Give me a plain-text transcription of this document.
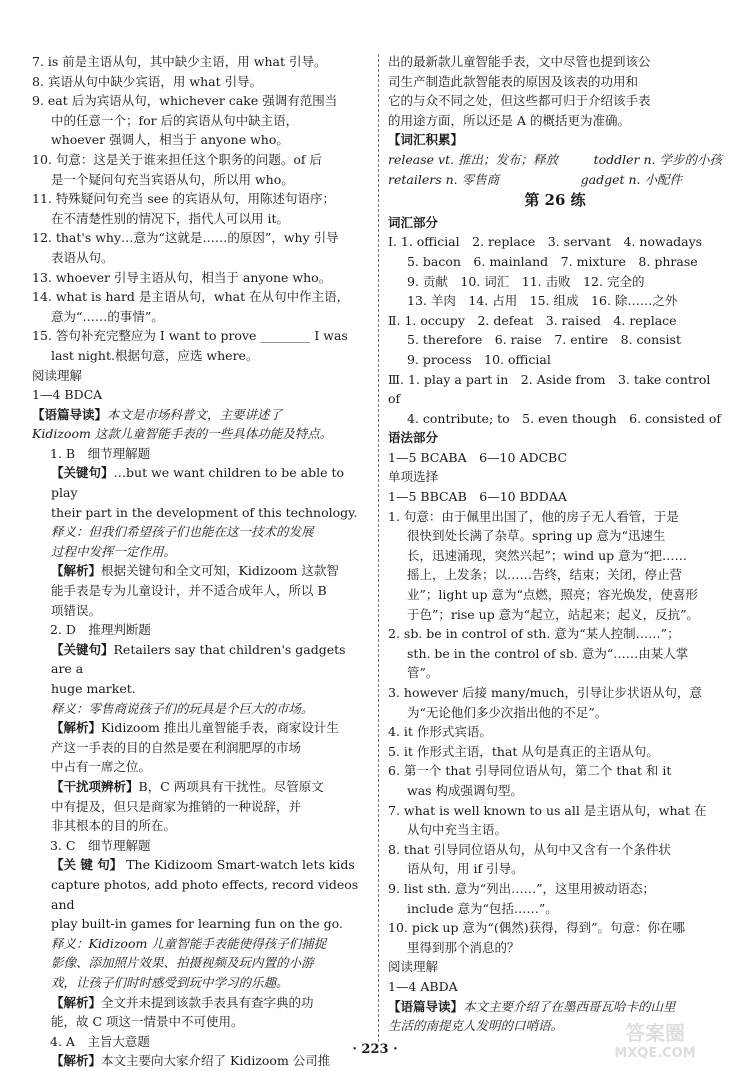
7. is 前是主语从句，其中缺少主语，用 what 引导。

8. 宾语从句中缺少宾语，用 what 引导。

9. eat 后为宾语从句，whichever cake 强调有范围当

中的任意一个；for 后的宾语从句中缺主语，

whoever 强调人，相当于 anyone who。

10. 句意：这是关于谁来担任这个职务的问题。of 后

是一个疑问句充当宾语从句，所以用 who。

11. 特殊疑问句充当 see 的宾语从句，用陈述句语序；

在不清楚性别的情况下，指代人可以用 it。

12. that's why…意为“这就是……的原因”，why 引导

表语从句。

13. whoever 引导主语从句，相当于 anyone who。

14. what is hard 是主语从句，what 在从句中作主语，

意为“……的事情”。

15. 答句补充完整应为 I want to prove ________ I was

last night.根据句意，应选 where。

阅读理解

1—4 BDCA

【语篇导读】本文是市场科普文，主要讲述了

Kidizoom 这款儿童智能手表的一些具体功能及特点。

1. B　细节理解题

【关键句】…but we want children to be able to play

their part in the development of this technology.

释义：但我们希望孩子们也能在这一技术的发展

过程中发挥一定作用。

【解析】根据关键句和全文可知，Kidizoom 这款智

能手表是专为儿童设计，并不适合成年人，所以 B

项错误。

2. D　推理判断题

【关键句】Retailers say that children's gadgets are a

huge market.

释义：零售商说孩子们的玩具是个巨大的市场。

【解析】Kidizoom 推出儿童智能手表，商家设计生

产这一手表的目的自然是要在利润肥厚的市场

中占有一席之位。

【干扰项辨析】B，C 两项具有干扰性。尽管原文

中有提及，但只是商家为推销的一种说辞，并

非其根本的目的所在。

3. C　细节理解题

【关 键 句】 The Kidizoom Smart-watch lets kids

capture photos, add photo effects, record videos and

play built-in games for learning fun on the go.

释义：Kidizoom 儿童智能手表能使得孩子们捕捉

影像、添加照片效果、拍摄视频及玩内置的小游

戏，让孩子们时时感受到玩中学习的乐趣。

【解析】全文并未提到该款手表具有查字典的功

能，故 C 项这一情景中不可使用。

4. A　主旨大意题

【解析】本文主要向大家介绍了 Kidizoom 公司推

出的最新款儿童智能手表，文中尽管也提到该公

司生产制造此款智能表的原因及该表的功用和

它的与众不同之处，但这些都可归于介绍该手表

的用途方面，所以还是 A 的概括更为准确。

【词汇积累】

release vt. 推出；发布；释放	toddler n. 学步的小孩
retailers n. 零售商	gadget n. 小配件

第 26 练

词汇部分

Ⅰ. 1. official　2. replace　3. servant　4. nowadays

5. bacon　6. mainland　7. mixture　8. phrase

9. 贡献　10. 词汇　11. 击败　12. 完全的

13. 羊肉　14. 占用　15. 组成　16. 除……之外

Ⅱ. 1. occupy　2. defeat　3. raised　4. replace

5. therefore　6. raise　7. entire　8. consist

9. process　10. official

Ⅲ. 1. play a part in　2. Aside from　3. take control of

4. contribute; to　5. even though　6. consisted of

语法部分

1—5 BCABA　6—10 ADCBC

单项选择

1—5 BBCAB　6—10 BDDAA

1. 句意：由于佩里出国了，他的房子无人看管，于是

很快到处长满了杂草。spring up 意为“迅速生

长，迅速涌现，突然兴起”；wind up 意为“把……

摇上，上发条；以……告终，结束；关闭，停止营

业”；light up 意为“点燃，照亮；容光焕发，使喜形

于色”；rise up 意为“起立，站起来；起义，反抗”。

2. sb. be in control of sth. 意为“某人控制……”；

sth. be in the control of sb. 意为“……由某人掌

管”。

3. however 后接 many/much，引导让步状语从句，意

为“无论他们多少次指出他的不足”。

4. it 作形式宾语。

5. it 作形式主语，that 从句是真正的主语从句。

6. 第一个 that 引导同位语从句，第二个 that 和 it

was 构成强调句型。

7. what is well known to us all 是主语从句，what 在

从句中充当主语。

8. that 引导同位语从句，从句中又含有一个条件状

语从句，用 if 引导。

9. list sth. 意为“列出……”，这里用被动语态；

include 意为“包括……”。

10. pick up 意为“(偶然)获得，得到”。句意：你在哪

里得到那个消息的？

阅读理解

1—4 ABDA

【语篇导读】本文主要介绍了在墨西哥瓦哈卡的山里

生活的南提克人发明的口哨语。

· 223 ·
答案圈
MXQE.COM
